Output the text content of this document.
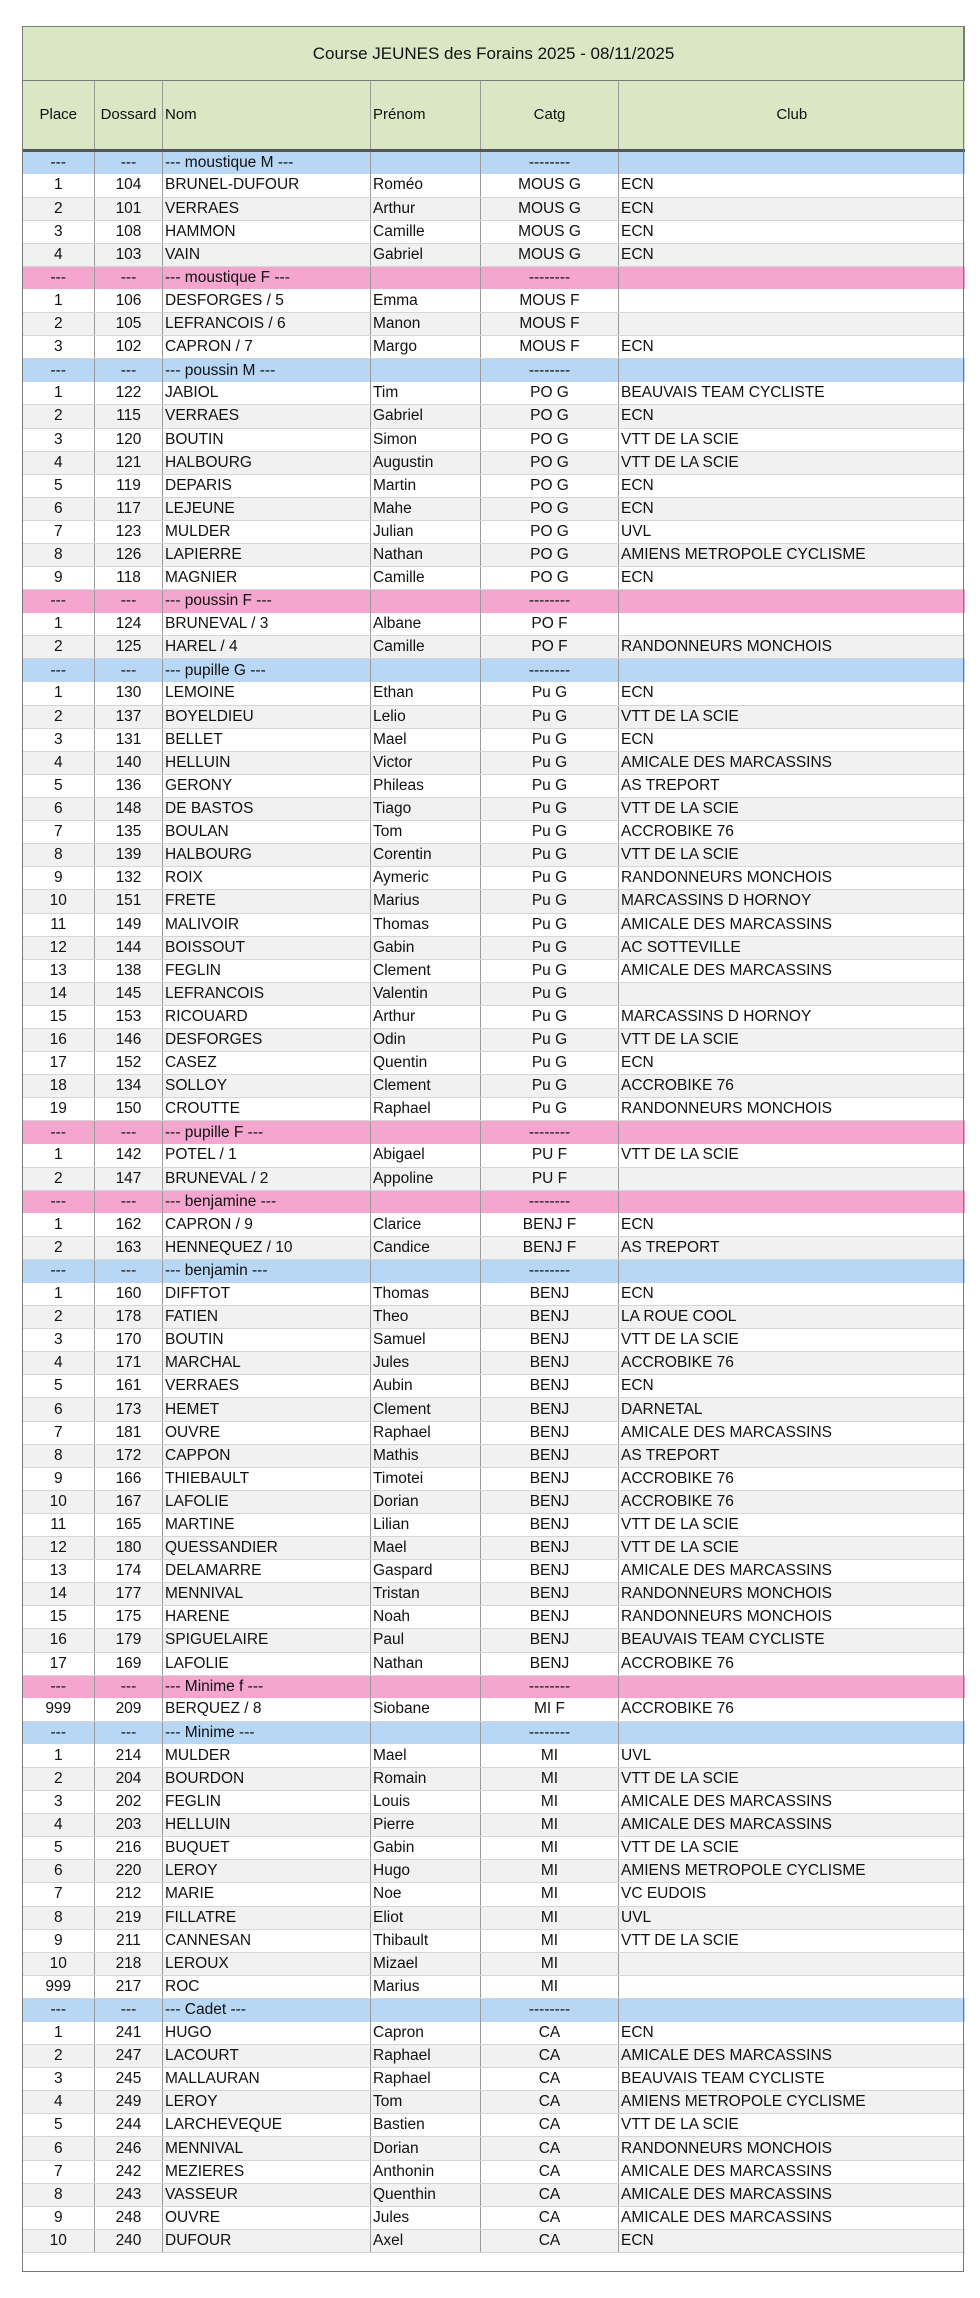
Course JEUNES des Forains 2025 - 08/11/2025					
Place	Dossard	Nom	Prénom	Catg	Club
---	---	--- moustique M ---		--------	
1	104	BRUNEL-DUFOUR	Roméo	MOUS G	ECN
2	101	VERRAES	Arthur	MOUS G	ECN
3	108	HAMMON	Camille	MOUS G	ECN
4	103	VAIN	Gabriel	MOUS G	ECN
---	---	--- moustique F ---		--------	
1	106	DESFORGES / 5	Emma	MOUS F	
2	105	LEFRANCOIS / 6	Manon	MOUS F	
3	102	CAPRON / 7	Margo	MOUS F	ECN
---	---	--- poussin M ---		--------	
1	122	JABIOL	Tim	PO G	BEAUVAIS TEAM CYCLISTE
2	115	VERRAES	Gabriel	PO G	ECN
3	120	BOUTIN	Simon	PO G	VTT DE LA SCIE
4	121	HALBOURG	Augustin	PO G	VTT DE LA SCIE
5	119	DEPARIS	Martin	PO G	ECN
6	117	LEJEUNE	Mahe	PO G	ECN
7	123	MULDER	Julian	PO G	UVL
8	126	LAPIERRE	Nathan	PO G	AMIENS METROPOLE CYCLISME
9	118	MAGNIER	Camille	PO G	ECN
---	---	--- poussin F ---		--------	
1	124	BRUNEVAL / 3	Albane	PO F	
2	125	HAREL / 4	Camille	PO F	RANDONNEURS MONCHOIS
---	---	--- pupille G ---		--------	
1	130	LEMOINE	Ethan	Pu G	ECN
2	137	BOYELDIEU	Lelio	Pu G	VTT DE LA SCIE
3	131	BELLET	Mael	Pu G	ECN
4	140	HELLUIN	Victor	Pu G	AMICALE DES MARCASSINS
5	136	GERONY	Phileas	Pu G	AS TREPORT
6	148	DE BASTOS	Tiago	Pu G	VTT DE LA SCIE
7	135	BOULAN	Tom	Pu G	ACCROBIKE 76
8	139	HALBOURG	Corentin	Pu G	VTT DE LA SCIE
9	132	ROIX	Aymeric	Pu G	RANDONNEURS MONCHOIS
10	151	FRETE	Marius	Pu G	MARCASSINS D HORNOY
11	149	MALIVOIR	Thomas	Pu G	AMICALE DES MARCASSINS
12	144	BOISSOUT	Gabin	Pu G	AC SOTTEVILLE
13	138	FEGLIN	Clement	Pu G	AMICALE DES MARCASSINS
14	145	LEFRANCOIS	Valentin	Pu G	
15	153	RICOUARD	Arthur	Pu G	MARCASSINS D HORNOY
16	146	DESFORGES	Odin	Pu G	VTT DE LA SCIE
17	152	CASEZ	Quentin	Pu G	ECN
18	134	SOLLOY	Clement	Pu G	ACCROBIKE 76
19	150	CROUTTE	Raphael	Pu G	RANDONNEURS MONCHOIS
---	---	--- pupille F ---		--------	
1	142	POTEL / 1	Abigael	PU F	VTT DE LA SCIE
2	147	BRUNEVAL / 2	Appoline	PU F	
---	---	--- benjamine ---		--------	
1	162	CAPRON / 9	Clarice	BENJ F	ECN
2	163	HENNEQUEZ / 10	Candice	BENJ F	AS TREPORT
---	---	--- benjamin ---		--------	
1	160	DIFFTOT	Thomas	BENJ	ECN
2	178	FATIEN	Theo	BENJ	LA ROUE COOL
3	170	BOUTIN	Samuel	BENJ	VTT DE LA SCIE
4	171	MARCHAL	Jules	BENJ	ACCROBIKE 76
5	161	VERRAES	Aubin	BENJ	ECN
6	173	HEMET	Clement	BENJ	DARNETAL
7	181	OUVRE	Raphael	BENJ	AMICALE DES MARCASSINS
8	172	CAPPON	Mathis	BENJ	AS TREPORT
9	166	THIEBAULT	Timotei	BENJ	ACCROBIKE 76
10	167	LAFOLIE	Dorian	BENJ	ACCROBIKE 76
11	165	MARTINE	Lilian	BENJ	VTT DE LA SCIE
12	180	QUESSANDIER	Mael	BENJ	VTT DE LA SCIE
13	174	DELAMARRE	Gaspard	BENJ	AMICALE DES MARCASSINS
14	177	MENNIVAL	Tristan	BENJ	RANDONNEURS MONCHOIS
15	175	HARENE	Noah	BENJ	RANDONNEURS MONCHOIS
16	179	SPIGUELAIRE	Paul	BENJ	BEAUVAIS TEAM CYCLISTE
17	169	LAFOLIE	Nathan	BENJ	ACCROBIKE 76
---	---	--- Minime f ---		--------	
999	209	BERQUEZ / 8	Siobane	MI F	ACCROBIKE 76
---	---	--- Minime ---		--------	
1	214	MULDER	Mael	MI	UVL
2	204	BOURDON	Romain	MI	VTT DE LA SCIE
3	202	FEGLIN	Louis	MI	AMICALE DES MARCASSINS
4	203	HELLUIN	Pierre	MI	AMICALE DES MARCASSINS
5	216	BUQUET	Gabin	MI	VTT DE LA SCIE
6	220	LEROY	Hugo	MI	AMIENS METROPOLE CYCLISME
7	212	MARIE	Noe	MI	VC EUDOIS
8	219	FILLATRE	Eliot	MI	UVL
9	211	CANNESAN	Thibault	MI	VTT DE LA SCIE
10	218	LEROUX	Mizael	MI	
999	217	ROC	Marius	MI	
---	---	--- Cadet ---		--------	
1	241	HUGO	Capron	CA	ECN
2	247	LACOURT	Raphael	CA	AMICALE DES MARCASSINS
3	245	MALLAURAN	Raphael	CA	BEAUVAIS TEAM CYCLISTE
4	249	LEROY	Tom	CA	AMIENS METROPOLE CYCLISME
5	244	LARCHEVEQUE	Bastien	CA	VTT DE LA SCIE
6	246	MENNIVAL	Dorian	CA	RANDONNEURS MONCHOIS
7	242	MEZIERES	Anthonin	CA	AMICALE DES MARCASSINS
8	243	VASSEUR	Quenthin	CA	AMICALE DES MARCASSINS
9	248	OUVRE	Jules	CA	AMICALE DES MARCASSINS
10	240	DUFOUR	Axel	CA	ECN
